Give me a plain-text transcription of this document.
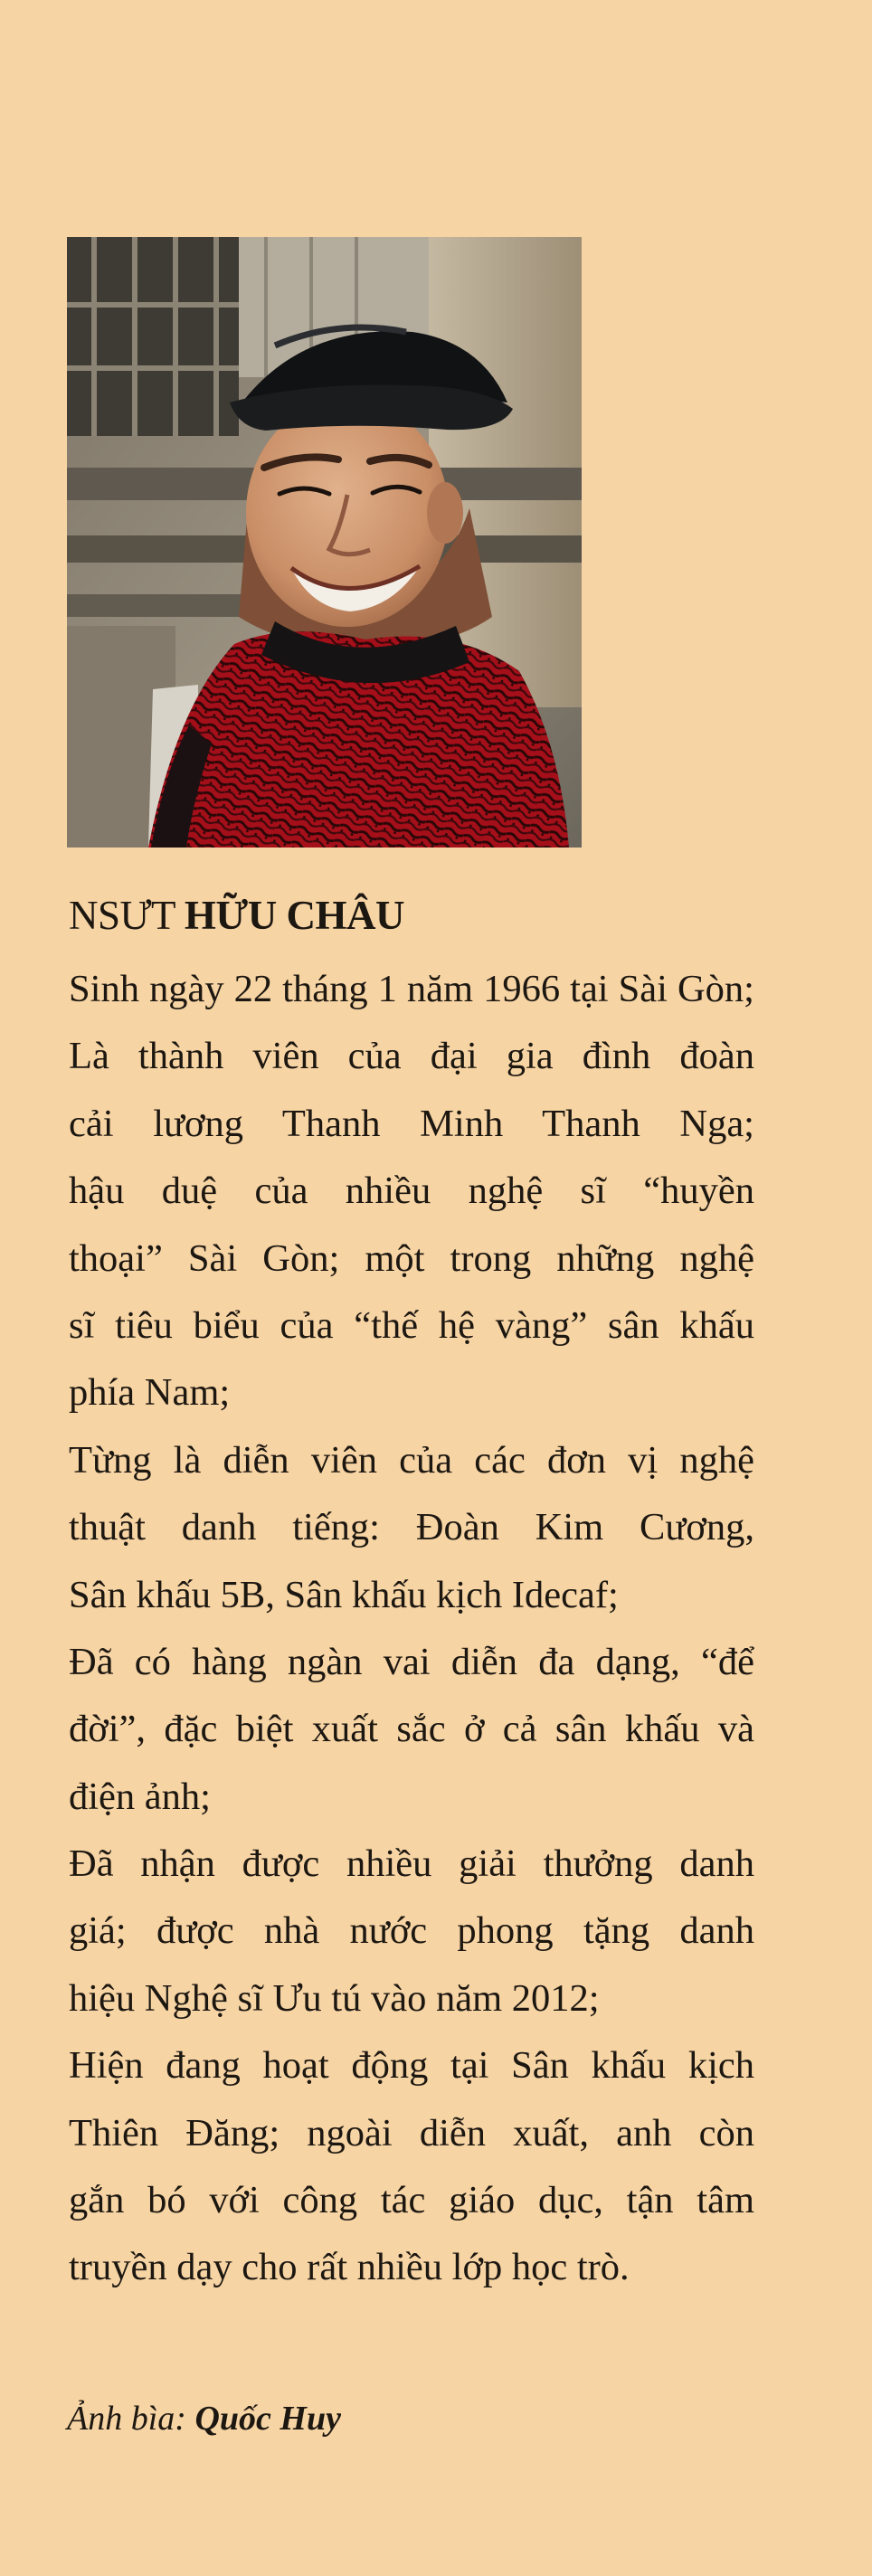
NSƯT HỮU CHÂU
Sinh ngày 22 tháng 1 năm 1966 tại Sài Gòn;
Là thành viên của đại gia đình đoàn
cải lương Thanh Minh Thanh Nga;
hậu duệ của nhiều nghệ sĩ “huyền
thoại” Sài Gòn; một trong những nghệ
sĩ tiêu biểu của “thế hệ vàng” sân khấu
phía Nam;
Từng là diễn viên của các đơn vị nghệ
thuật danh tiếng: Đoàn Kim Cương,
Sân khấu 5B, Sân khấu kịch Idecaf;
Đã có hàng ngàn vai diễn đa dạng, “để
đời”, đặc biệt xuất sắc ở cả sân khấu và
điện ảnh;
Đã nhận được nhiều giải thưởng danh
giá; được nhà nước phong tặng danh
hiệu Nghệ sĩ Ưu tú vào năm 2012;
Hiện đang hoạt động tại Sân khấu kịch
Thiên Đăng; ngoài diễn xuất, anh còn
gắn bó với công tác giáo dục, tận tâm
truyền dạy cho rất nhiều lớp học trò.
Ảnh bìa: Quốc Huy
